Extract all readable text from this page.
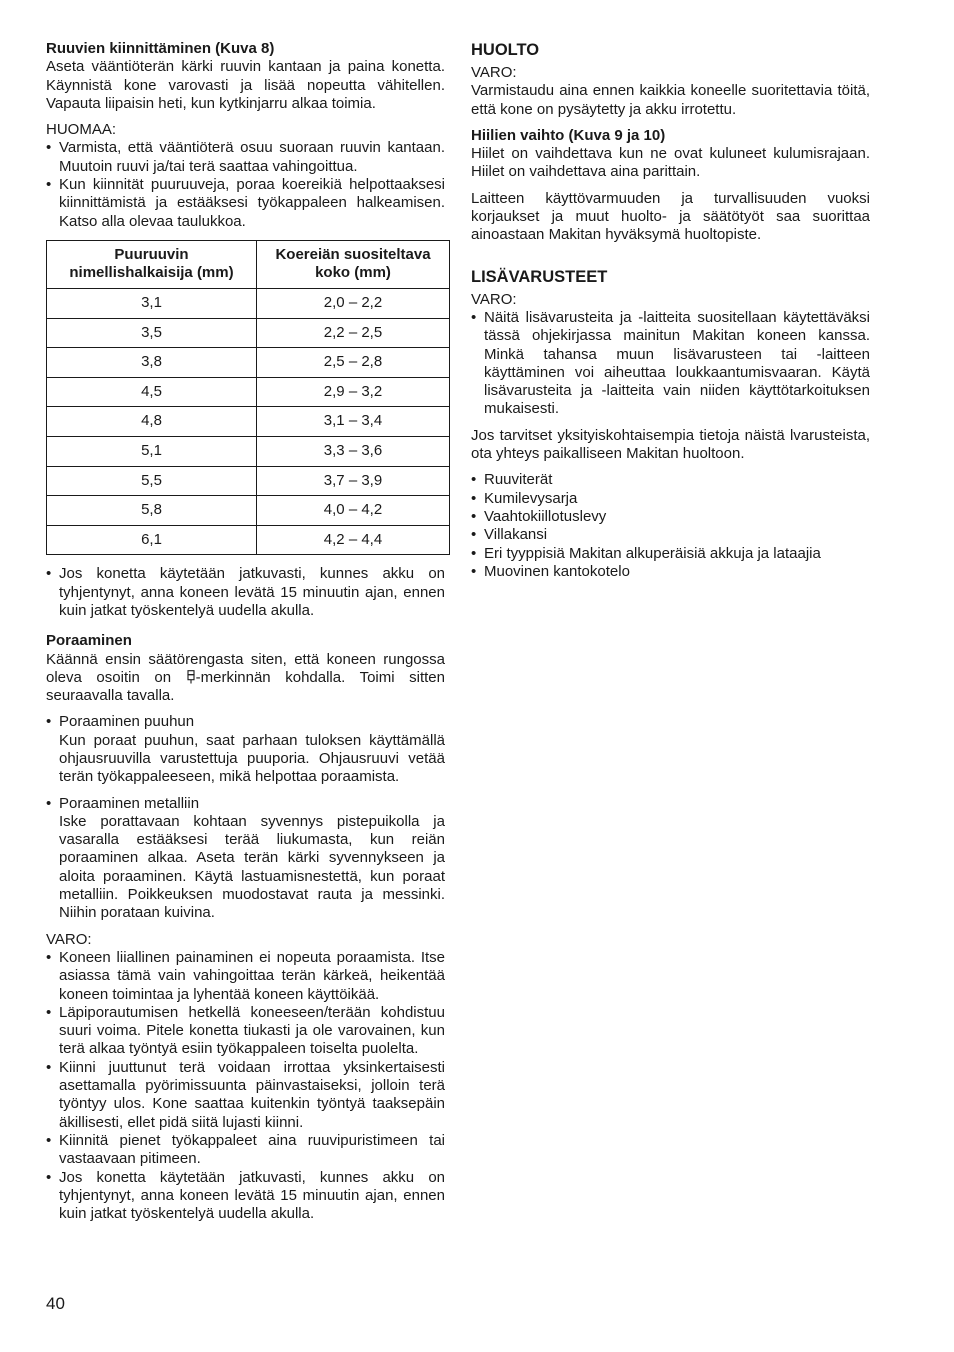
Ruuvien kiinnittäminen (Kuva 8)

Aseta vääntiöterän kärki ruuvin kantaan ja paina konetta. Käynnistä kone varovasti ja lisää nopeutta vähitellen. Vapauta liipaisin heti, kun kytkinjarru alkaa toimia.

HUOMAA:

• Varmista, että vääntiöterä osuu suoraan ruuvin kantaan. Muutoin ruuvi ja/tai terä saattaa vahingoittua.
• Kun kiinnität puuruuveja, poraa koereikiä helpottaaksesi kiinnittämistä ja estääksesi työkappaleen halkeamisen. Katso alla olevaa taulukkoa.
Puuruuvin nimellishalkaisija (mm)	Koereiän suositeltava koko (mm)
3,1	2,0 – 2,2
3,5	2,2 – 2,5
3,8	2,5 – 2,8
4,5	2,9 – 3,2
4,8	3,1 – 3,4
5,1	3,3 – 3,6
5,5	3,7 – 3,9
5,8	4,0 – 4,2
6,1	4,2 – 4,4
• Jos konetta käytetään jatkuvasti, kunnes akku on tyhjentynyt, anna koneen levätä 15 minuutin ajan, ennen kuin jatkat työskentelyä uudella akulla.

Poraaminen

Käännä ensin säätörengasta siten, että koneen rungossa oleva osoitin on -merkinnän kohdalla. Toimi sitten seuraavalla tavalla.

• Poraaminen puuhun
Kun poraat puuhun, saat parhaan tuloksen käyttämällä ohjausruuvilla varustettuja puuporia. Ohjausruuvi vetää terän työkappaleeseen, mikä helpottaa poraamista.
• Poraaminen metalliin
Iske porattavaan kohtaan syvennys pistepuikolla ja vasaralla estääksesi terää liukumasta, kun reiän poraaminen alkaa. Aseta terän kärki syvennykseen ja aloita poraaminen. Käytä lastuamisnestettä, kun poraat metalliin. Poikkeuksen muodostavat rauta ja messinki. Niihin porataan kuivina.

VARO:

• Koneen liiallinen painaminen ei nopeuta poraamista. Itse asiassa tämä vain vahingoittaa terän kärkeä, heikentää koneen toimintaa ja lyhentää koneen käyttöikää.
• Läpiporautumisen hetkellä koneeseen/terään kohdistuu suuri voima. Pitele konetta tiukasti ja ole varovainen, kun terä alkaa työntyä esiin työkappaleen toiselta puolelta.
• Kiinni juuttunut terä voidaan irrottaa yksinkertaisesti asettamalla pyörimissuunta päinvastaiseksi, jolloin terä työntyy ulos. Kone saattaa kuitenkin työntyä taaksepäin äkillisesti, ellet pidä siitä lujasti kiinni.
• Kiinnitä pienet työkappaleet aina ruuvipuristimeen tai vastaavaan pitimeen.
• Jos konetta käytetään jatkuvasti, kunnes akku on tyhjentynyt, anna koneen levätä 15 minuutin ajan, ennen kuin jatkat työskentelyä uudella akulla.

HUOLTO

VARO:

Varmistaudu aina ennen kaikkia koneelle suoritettavia töitä, että kone on pysäytetty ja akku irrotettu.

Hiilien vaihto (Kuva 9 ja 10)

Hiilet on vaihdettava kun ne ovat kuluneet kulumisrajaan. Hiilet on vaihdettava aina parittain.

Laitteen käyttövarmuuden ja turvallisuuden vuoksi korjaukset ja muut huolto- ja säätötyöt saa suorittaa ainoastaan Makitan hyväksymä huoltopiste.

LISÄVARUSTEET

VARO:

• Näitä lisävarusteita ja -laitteita suositellaan käytettäväksi tässä ohjekirjassa mainitun Makitan koneen kanssa. Minkä tahansa muun lisävarusteen tai -laitteen käyttäminen voi aiheuttaa loukkaantumisvaaran. Käytä lisävarusteita ja -laitteita vain niiden käyttötarkoituksen mukaisesti.

Jos tarvitset yksityiskohtaisempia tietoja näistä lvarusteista, ota yhteys paikalliseen Makitan huoltoon.

• Ruuviterät
• Kumilevysarja
• Vaahtokiillotuslevy
• Villakansi
• Eri tyyppisiä Makitan alkuperäisiä akkuja ja lataajia
• Muovinen kantokotelo
40
